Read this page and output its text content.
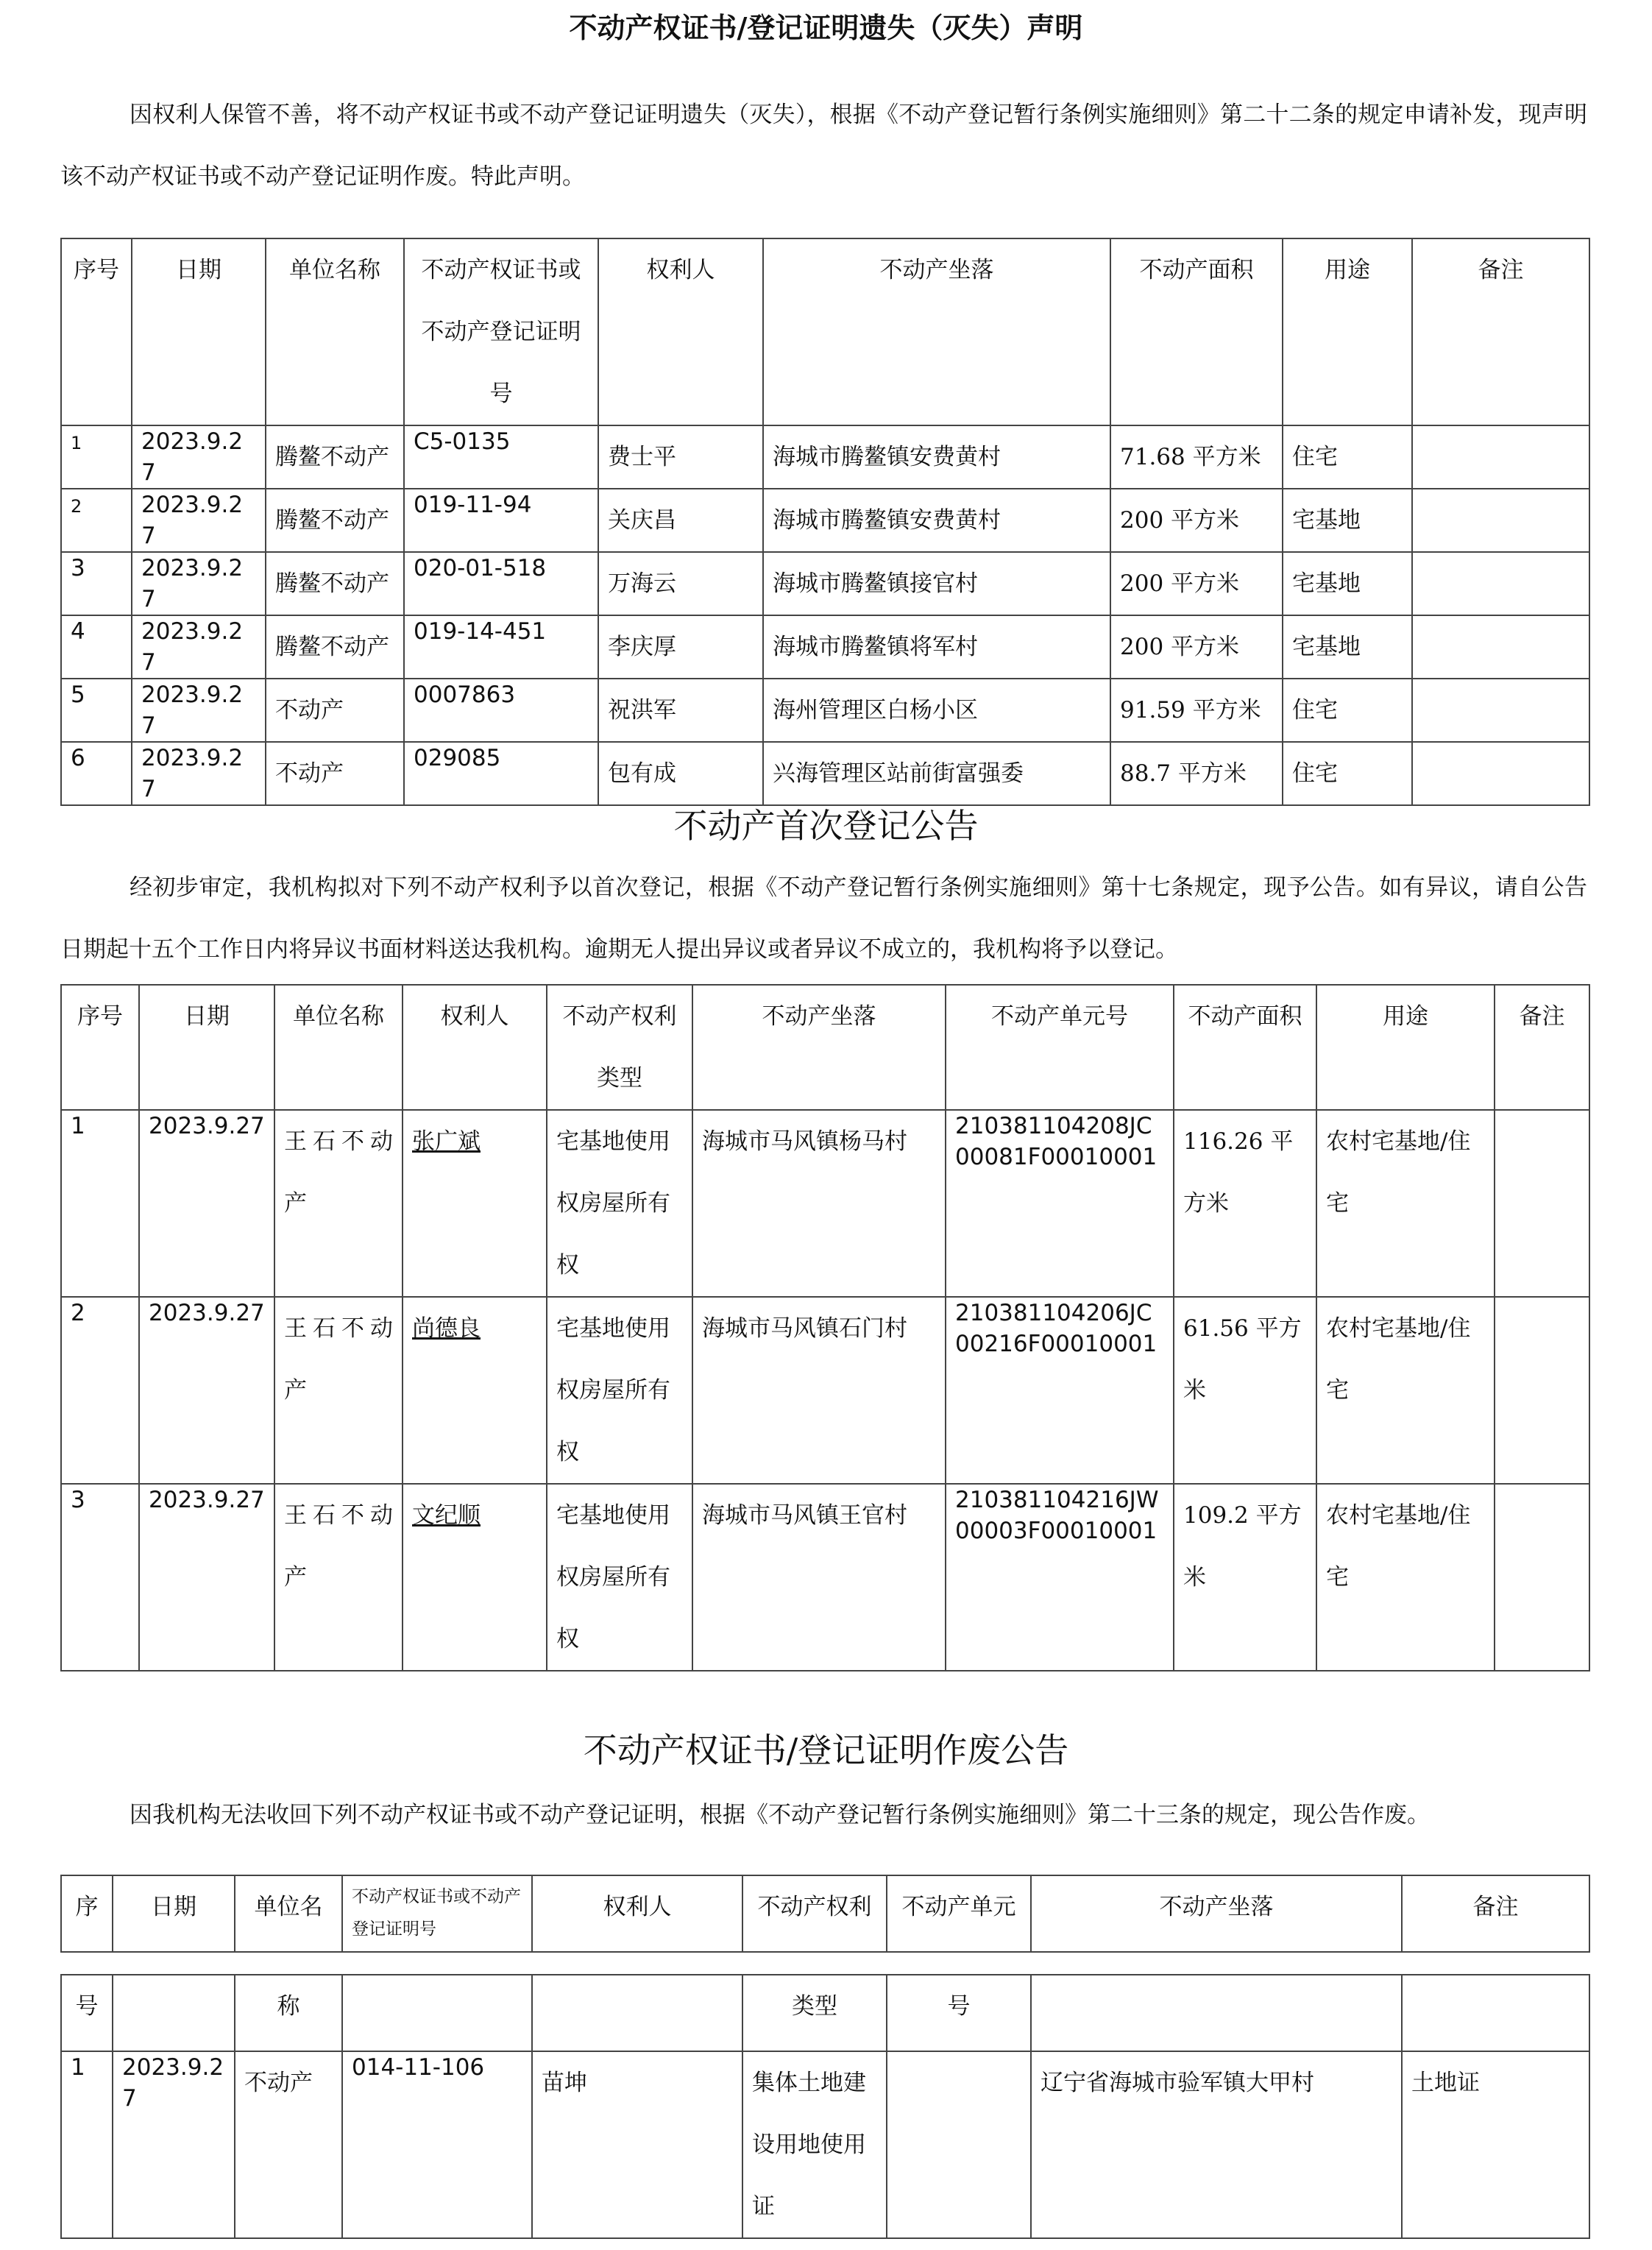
不动产权证书/登记证明遗失（灭失）声明
因权利人保管不善，将不动产权证书或不动产登记证明遗失（灭失），根据《不动产登记暂行条例实施细则》第二十二条的规定申请补发，现声明该不动产权证书或不动产登记证明作废。特此声明。
序号	日期	单位名称	不动产权证书或不动产登记证明号	权利人	不动产坐落	不动产面积	用途	备注
1	2023.9.27	腾鳌不动产	C5-0135	费士平	海城市腾鳌镇安费黄村	71.68 平方米	住宅	
2	2023.9.27	腾鳌不动产	019-11-94	关庆昌	海城市腾鳌镇安费黄村	200 平方米	宅基地	
3	2023.9.27	腾鳌不动产	020-01-518	万海云	海城市腾鳌镇接官村	200 平方米	宅基地	
4	2023.9.27	腾鳌不动产	019-14-451	李庆厚	海城市腾鳌镇将军村	200 平方米	宅基地	
5	2023.9.27	不动产	0007863	祝洪军	海州管理区白杨小区	91.59 平方米	住宅	
6	2023.9.27	不动产	029085	包有成	兴海管理区站前街富强委	88.7 平方米	住宅	
不动产首次登记公告
经初步审定，我机构拟对下列不动产权利予以首次登记，根据《不动产登记暂行条例实施细则》第十七条规定，现予公告。如有异议，请自公告日期起十五个工作日内将异议书面材料送达我机构。逾期无人提出异议或者异议不成立的，我机构将予以登记。
序号	日期	单位名称	权利人	不动产权利类型	不动产坐落	不动产单元号	不动产面积	用途	备注
1	2023.9.27	王石不动产	张广斌	宅基地使用权房屋所有权	海城市马风镇杨马村	210381104208JC00081F00010001	116.26 平方米	农村宅基地/住宅	
2	2023.9.27	王石不动产	尚德良	宅基地使用权房屋所有权	海城市马风镇石门村	210381104206JC00216F00010001	61.56 平方米	农村宅基地/住宅	
3	2023.9.27	王石不动产	文纪顺	宅基地使用权房屋所有权	海城市马风镇王官村	210381104216JW00003F00010001	109.2 平方米	农村宅基地/住宅	
不动产权证书/登记证明作废公告
因我机构无法收回下列不动产权证书或不动产登记证明，根据《不动产登记暂行条例实施细则》第二十三条的规定，现公告作废。
序	日期	单位名	不动产权证书或不动产登记证明号	权利人	不动产权利	不动产单元	不动产坐落	备注
号		称			类型	号		
1	2023.9.27	不动产	014-11-106	苗坤	集体土地建设用地使用证		辽宁省海城市验军镇大甲村	土地证
